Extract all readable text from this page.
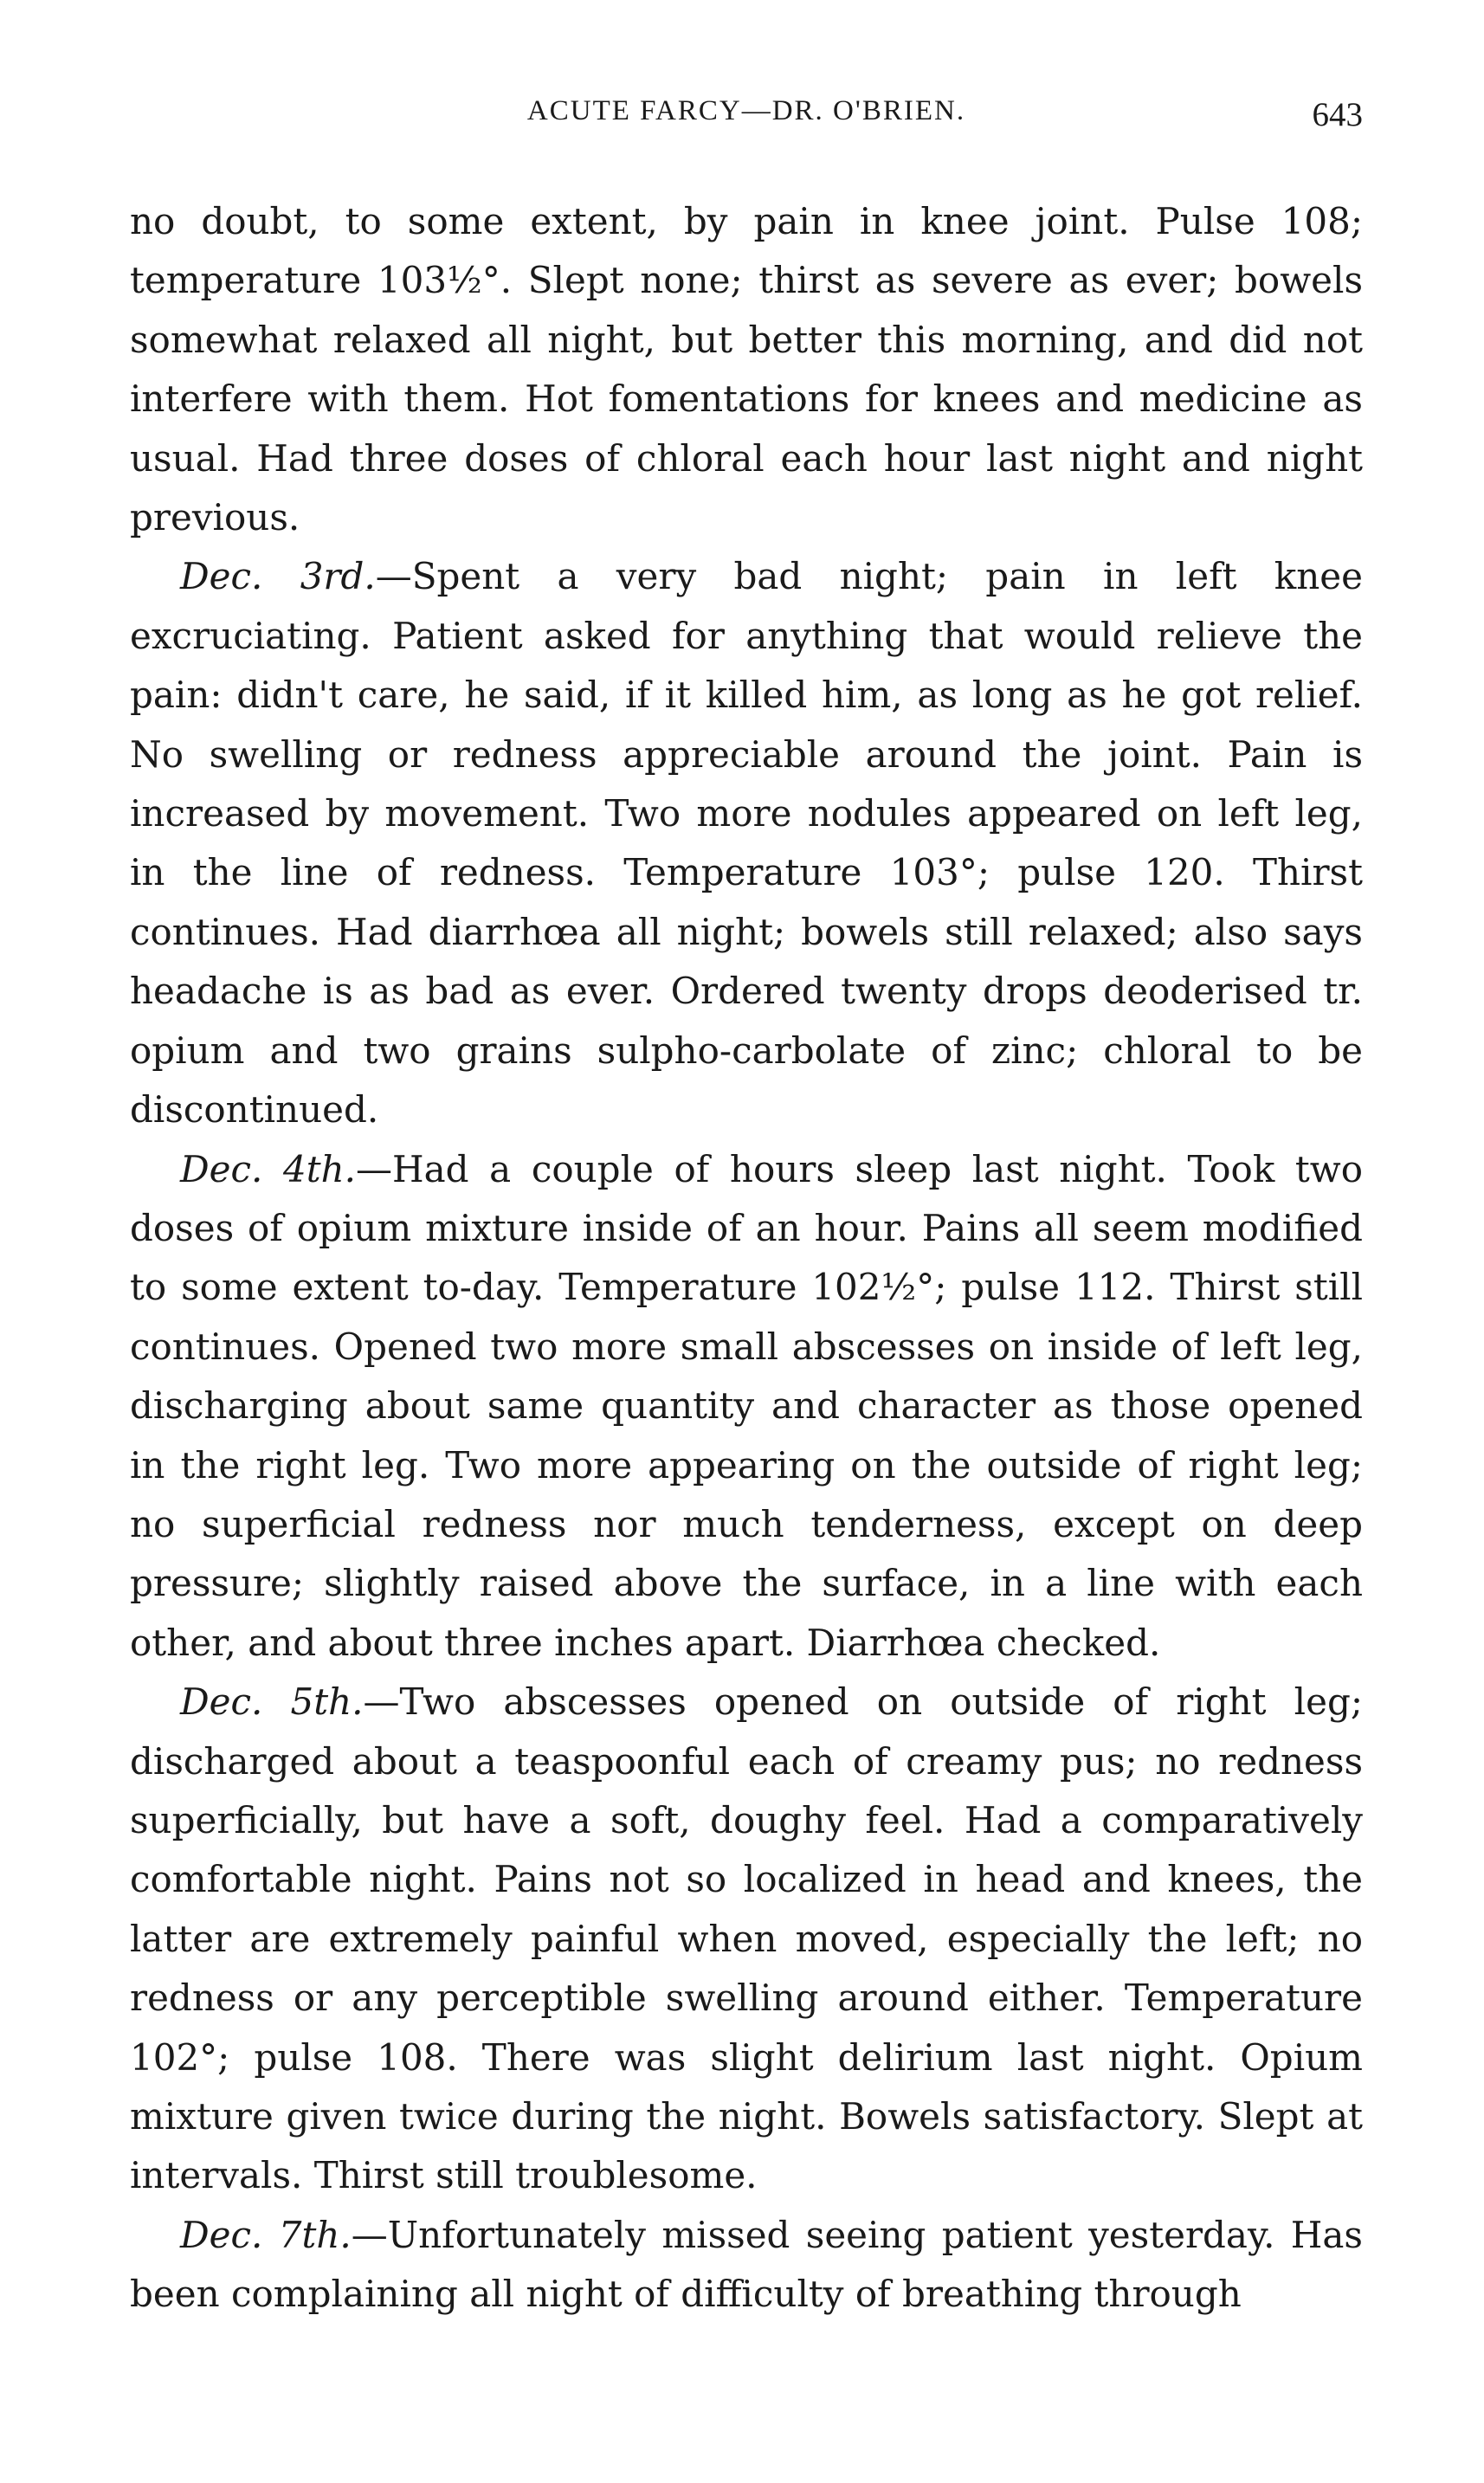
ACUTE FARCY—DR. O'BRIEN.	643

no doubt, to some extent, by pain in knee joint. Pulse 108; temperature 103½°. Slept none; thirst as severe as ever; bowels somewhat relaxed all night, but better this morning, and did not interfere with them. Hot fomentations for knees and medicine as usual. Had three doses of chloral each hour last night and night previous.

Dec. 3rd.—Spent a very bad night; pain in left knee excruciating. Patient asked for anything that would relieve the pain: didn't care, he said, if it killed him, as long as he got relief. No swelling or redness appreciable around the joint. Pain is increased by movement. Two more nodules appeared on left leg, in the line of redness. Temperature 103°; pulse 120. Thirst continues. Had diarrhœa all night; bowels still relaxed; also says headache is as bad as ever. Ordered twenty drops deoderised tr. opium and two grains sulpho-carbolate of zinc; chloral to be discontinued.

Dec. 4th.—Had a couple of hours sleep last night. Took two doses of opium mixture inside of an hour. Pains all seem modified to some extent to-day. Temperature 102½°; pulse 112. Thirst still continues. Opened two more small abscesses on inside of left leg, discharging about same quantity and character as those opened in the right leg. Two more appearing on the outside of right leg; no superficial redness nor much tenderness, except on deep pressure; slightly raised above the surface, in a line with each other, and about three inches apart. Diarrhœa checked.

Dec. 5th.—Two abscesses opened on outside of right leg; discharged about a teaspoonful each of creamy pus; no redness superficially, but have a soft, doughy feel. Had a comparatively comfortable night. Pains not so localized in head and knees, the latter are extremely painful when moved, especially the left; no redness or any perceptible swelling around either. Temperature 102°; pulse 108. There was slight delirium last night. Opium mixture given twice during the night. Bowels satisfactory. Slept at intervals. Thirst still troublesome.

Dec. 7th.—Unfortunately missed seeing patient yesterday. Has been complaining all night of difficulty of breathing through
